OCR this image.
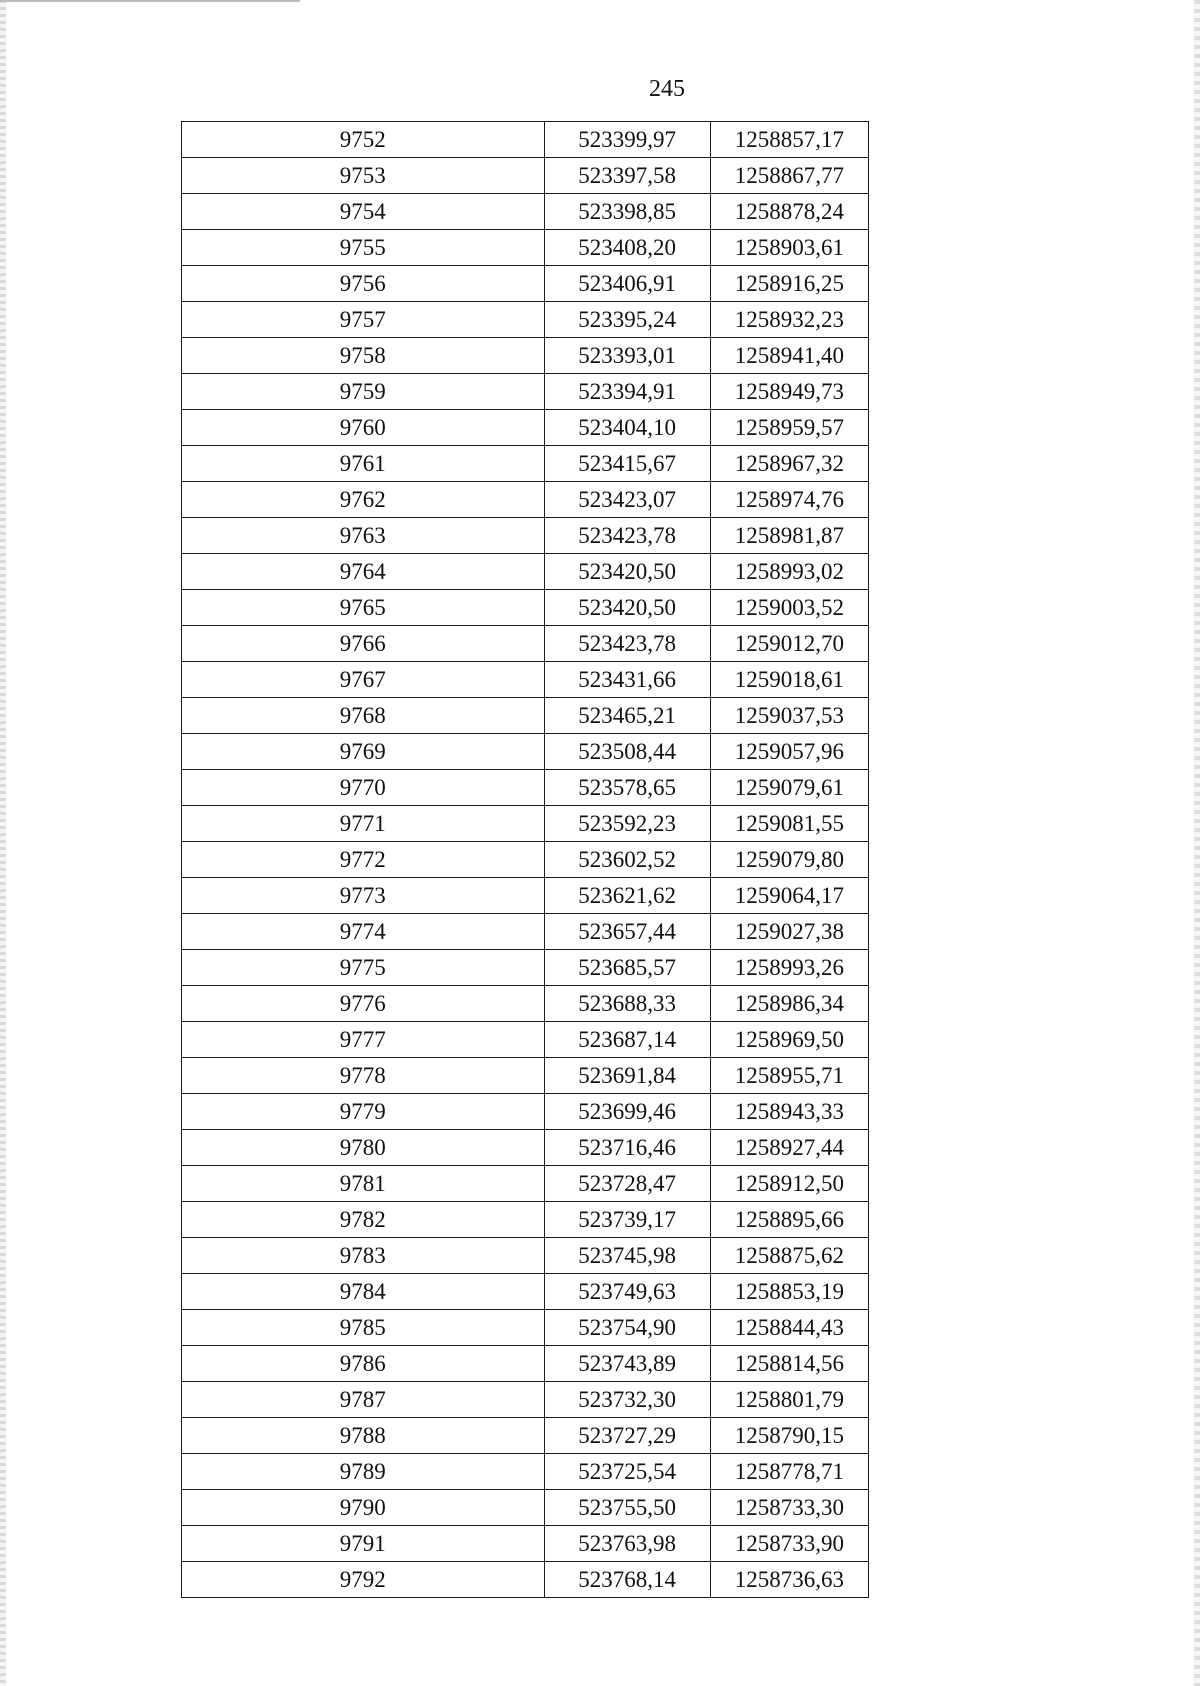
245
9752	523399,97	1258857,17
9753	523397,58	1258867,77
9754	523398,85	1258878,24
9755	523408,20	1258903,61
9756	523406,91	1258916,25
9757	523395,24	1258932,23
9758	523393,01	1258941,40
9759	523394,91	1258949,73
9760	523404,10	1258959,57
9761	523415,67	1258967,32
9762	523423,07	1258974,76
9763	523423,78	1258981,87
9764	523420,50	1258993,02
9765	523420,50	1259003,52
9766	523423,78	1259012,70
9767	523431,66	1259018,61
9768	523465,21	1259037,53
9769	523508,44	1259057,96
9770	523578,65	1259079,61
9771	523592,23	1259081,55
9772	523602,52	1259079,80
9773	523621,62	1259064,17
9774	523657,44	1259027,38
9775	523685,57	1258993,26
9776	523688,33	1258986,34
9777	523687,14	1258969,50
9778	523691,84	1258955,71
9779	523699,46	1258943,33
9780	523716,46	1258927,44
9781	523728,47	1258912,50
9782	523739,17	1258895,66
9783	523745,98	1258875,62
9784	523749,63	1258853,19
9785	523754,90	1258844,43
9786	523743,89	1258814,56
9787	523732,30	1258801,79
9788	523727,29	1258790,15
9789	523725,54	1258778,71
9790	523755,50	1258733,30
9791	523763,98	1258733,90
9792	523768,14	1258736,63
